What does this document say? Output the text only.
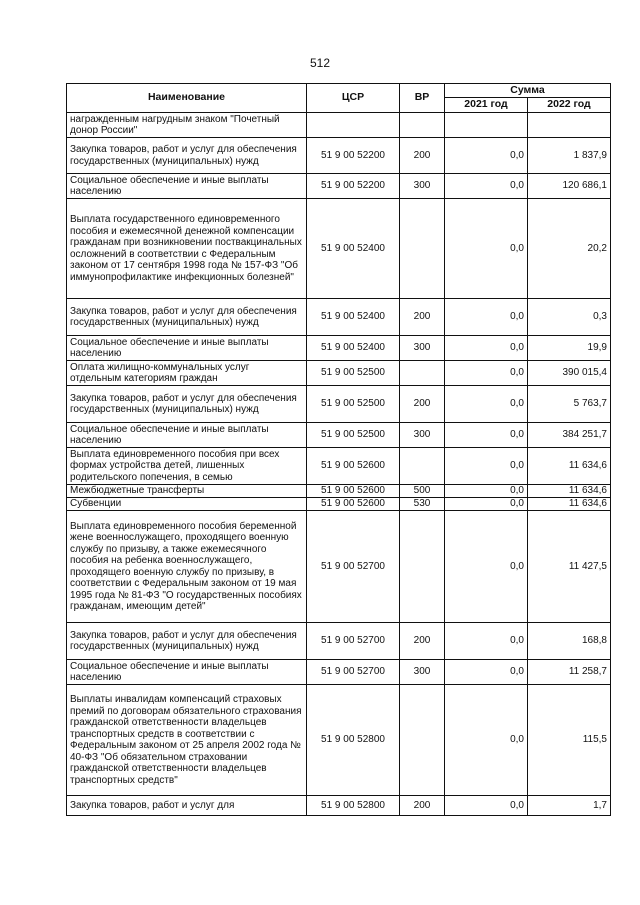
512
Наименование	ЦСР	ВР	Сумма	
			2021 год	2022 год
награжденным нагрудным знаком "Почетный донор России"				
Закупка товаров, работ и услуг для обеспечения государственных (муниципальных) нужд	51 9 00 52200	200	0,0	1 837,9
Социальное обеспечение и иные выплаты населению	51 9 00 52200	300	0,0	120 686,1
Выплата государственного единовременного пособия и ежемесячной денежной компенсации гражданам при возникновении поствакцинальных осложнений в соответствии с Федеральным законом от 17 сентября 1998 года № 157-ФЗ "Об иммунопрофилактике инфекционных болезней"	51 9 00 52400		0,0	20,2
Закупка товаров, работ и услуг для обеспечения государственных (муниципальных) нужд	51 9 00 52400	200	0,0	0,3
Социальное обеспечение и иные выплаты населению	51 9 00 52400	300	0,0	19,9
Оплата жилищно-коммунальных услуг отдельным категориям граждан	51 9 00 52500		0,0	390 015,4
Закупка товаров, работ и услуг для обеспечения государственных (муниципальных) нужд	51 9 00 52500	200	0,0	5 763,7
Социальное обеспечение и иные выплаты населению	51 9 00 52500	300	0,0	384 251,7
Выплата единовременного пособия при всех формах устройства детей, лишенных родительского попечения, в семью	51 9 00 52600		0,0	11 634,6
Межбюджетные трансферты	51 9 00 52600	500	0,0	11 634,6
Субвенции	51 9 00 52600	530	0,0	11 634,6
Выплата единовременного пособия беременной жене военнослужащего, проходящего военную службу по призыву, а также ежемесячного пособия на ребенка военнослужащего, проходящего военную службу по призыву, в соответствии с Федеральным законом от 19 мая 1995 года № 81-ФЗ "О государственных пособиях гражданам, имеющим детей"	51 9 00 52700		0,0	11 427,5
Закупка товаров, работ и услуг для обеспечения государственных (муниципальных) нужд	51 9 00 52700	200	0,0	168,8
Социальное обеспечение и иные выплаты населению	51 9 00 52700	300	0,0	11 258,7
Выплаты инвалидам компенсаций страховых премий по договорам обязательного страхования гражданской ответственности владельцев транспортных средств в соответствии с Федеральным законом от 25 апреля 2002 года № 40-ФЗ "Об обязательном страховании гражданской ответственности владельцев транспортных средств"	51 9 00 52800		0,0	115,5
Закупка товаров, работ и услуг для	51 9 00 52800	200	0,0	1,7
